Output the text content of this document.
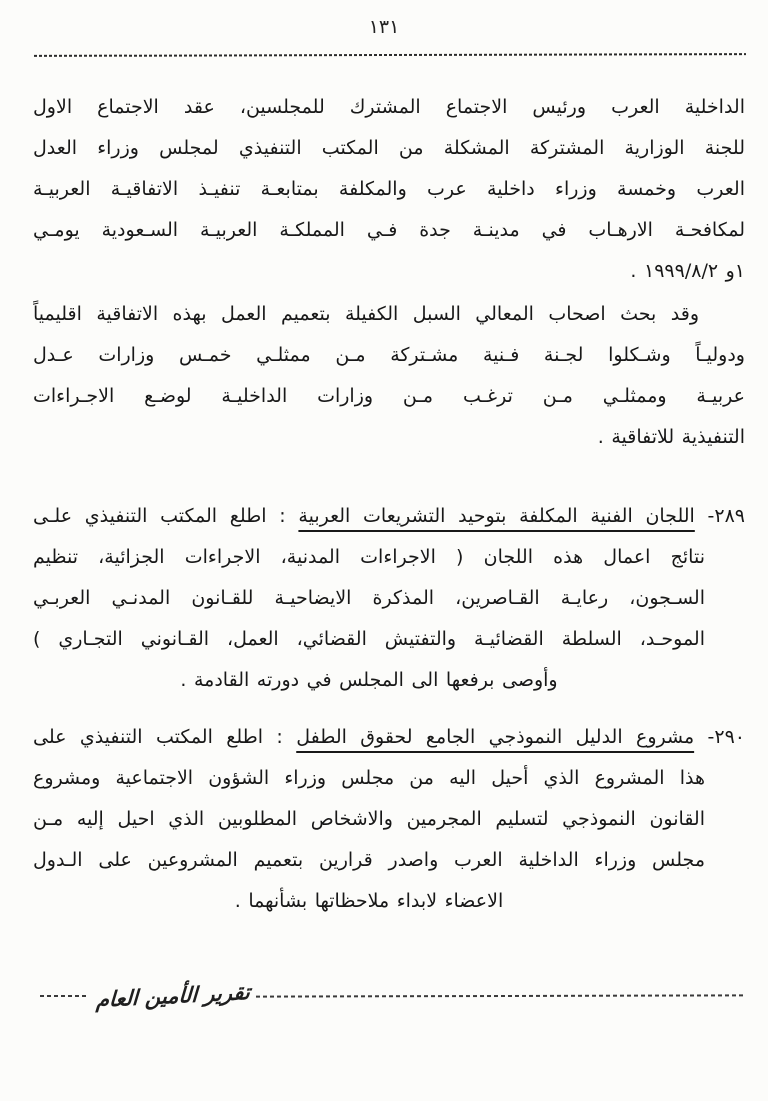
١٣١
الداخلية العرب ورئيس الاجتماع المشترك للمجلسين، عقد الاجتماع الاول
للجنة الوزارية المشتركة المشكلة من المكتب التنفيذي لمجلس وزراء العدل
العرب وخمسة وزراء داخلية عرب والمكلفة بمتابعـة تنفيـذ الاتفاقيـة العربيـة
لمكافحـة الارهـاب في مدينـة جدة فـي المملكـة العربيـة السـعودية يومـي
١و ١٩٩٩/٨/٢ .
وقد بحث اصحاب المعالي السبل الكفيلة بتعميم العمل بهذه الاتفاقية اقليمياً
ودوليـاً وشـكلوا لجـنة فـنية مشـتركة مـن ممثلـي خمـس وزارات عـدل
عربيـة وممثلـي مـن ترغـب مـن وزارات الداخليـة لوضـع الاجـراءات
التنفيذية للاتفاقية .
٢٨٩- اللجان الفنية المكلفة بتوحيد التشريعات العربية : اطلع المكتب التنفيذي علـى
نتائج اعمال هذه اللجان ( الاجراءات المدنية، الاجراءات الجزائية، تنظيم
السـجون، رعايـة القـاصرين، المذكرة الايضاحيـة للقـانون المدنـي العربـي
الموحـد، السلطة القضائيـة والتفتيش القضائي، العمل، القـانوني التجـاري )
وأوصى برفعها الى المجلس في دورته القادمة .
٢٩٠- مشروع الدليل النموذجي الجامع لحقوق الطفل : اطلع المكتب التنفيذي على
هذا المشروع الذي أحيل اليه من مجلس وزراء الشؤون الاجتماعية ومشروع
القانون النموذجي لتسليم المجرمين والاشخاص المطلوبين الذي احيل إليه مـن
مجلس وزراء الداخلية العرب واصدر قرارين بتعميم المشروعين على الـدول
الاعضاء لابداء ملاحظاتها بشأنهما .
تقرير الأمين العام
